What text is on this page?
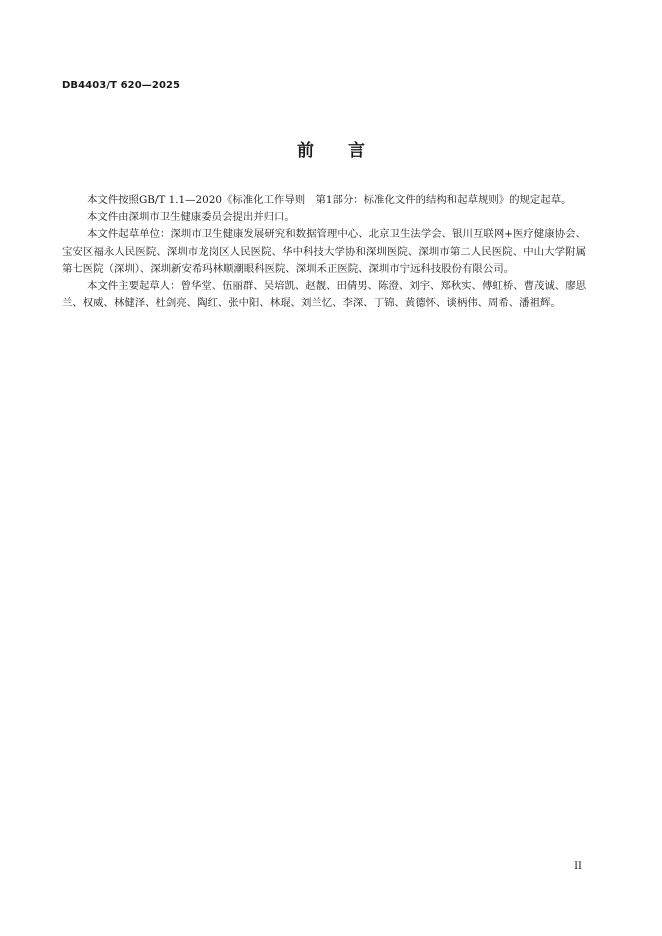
DB4403/T 620—2025
前 言

本文件按照GB/T 1.1—2020《标准化工作导则　第1部分：标准化文件的结构和起草规则》的规定起草。

本文件由深圳市卫生健康委员会提出并归口。

本文件起草单位：深圳市卫生健康发展研究和数据管理中心、北京卫生法学会、银川互联网+医疗健康协会、宝安区福永人民医院、深圳市龙岗区人民医院、华中科技大学协和深圳医院、深圳市第二人民医院、中山大学附属第七医院（深圳）、深圳新安希玛林顺潮眼科医院、深圳禾正医院、深圳市宁远科技股份有限公司。

本文件主要起草人：曾华堂、伍丽群、吴培凯、赵靓、田倩男、陈澄、刘宇、郑秋实、傅虹桥、曹茂诚、廖思兰、权威、林健泽、杜剑亮、陶红、张中阳、林琨、刘兰忆、李深、丁锦、黄德怀、谈柄伟、周希、潘祖辉。

II
